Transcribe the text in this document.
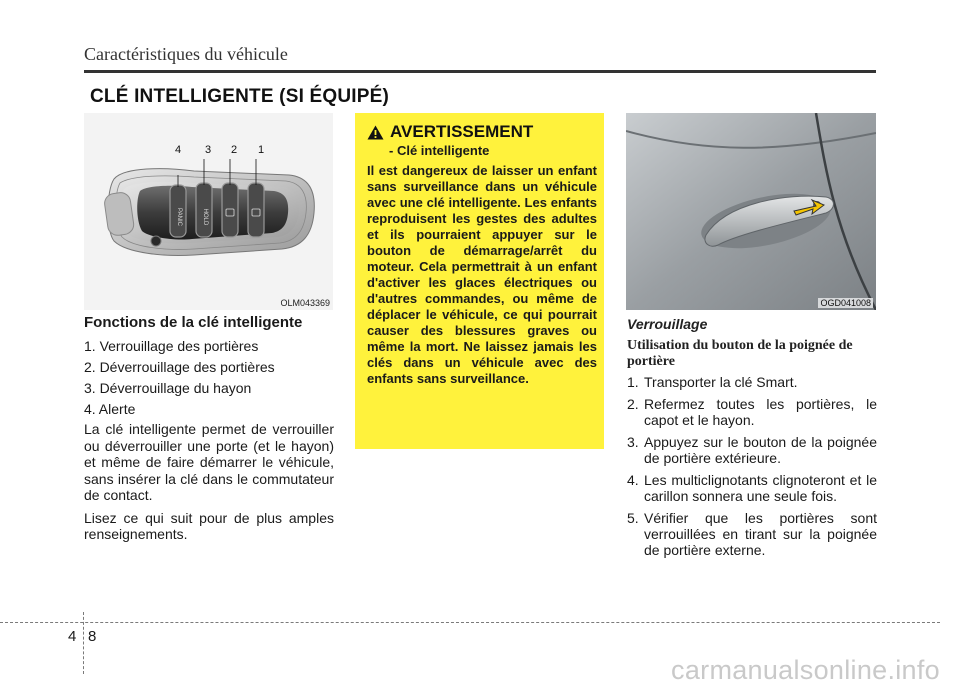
Caractéristiques du véhicule
CLÉ INTELLIGENTE (SI ÉQUIPÉ)
PANIC	HOLD
4 3 2 1
OLM043369
Fonctions de la clé intelligente
1. Verrouillage des portières
2. Déverrouillage des portières
3. Déverrouillage du hayon
4. Alerte

La clé intelligente permet de verrouiller ou déverrouiller une porte (et le hayon) et même de faire démarrer le véhicule, sans insérer la clé dans le commutateur de contact.

Lisez ce qui suit pour de plus amples renseignements.

AVERTISSEMENT
- Clé intelligente

Il est dangereux de laisser un enfant sans surveillance dans un véhicule avec une clé intelligente. Les enfants reproduisent les gestes des adultes et ils pourraient appuyer sur le bouton de démarrage/arrêt du moteur. Cela permettrait à un enfant d'activer les glaces électriques ou d'autres commandes, ou même de déplacer le véhicule, ce qui pourrait causer des blessures graves ou même la mort. Ne laissez jamais les clés dans un véhicule avec des enfants sans surveillance.

OGD041008
Verrouillage
Utilisation du bouton de la poignée de portière
1. Transporter la clé Smart.
2. Refermez toutes les portières, le capot et le hayon.
3. Appuyez sur le bouton de la poignée de portière extérieure.
4. Les multiclignotants clignoteront et le carillon sonnera une seule fois.
5. Vérifier que les portières sont verrouillées en tirant sur la poignée de portière externe.
4 8
carmanualsonline.info
